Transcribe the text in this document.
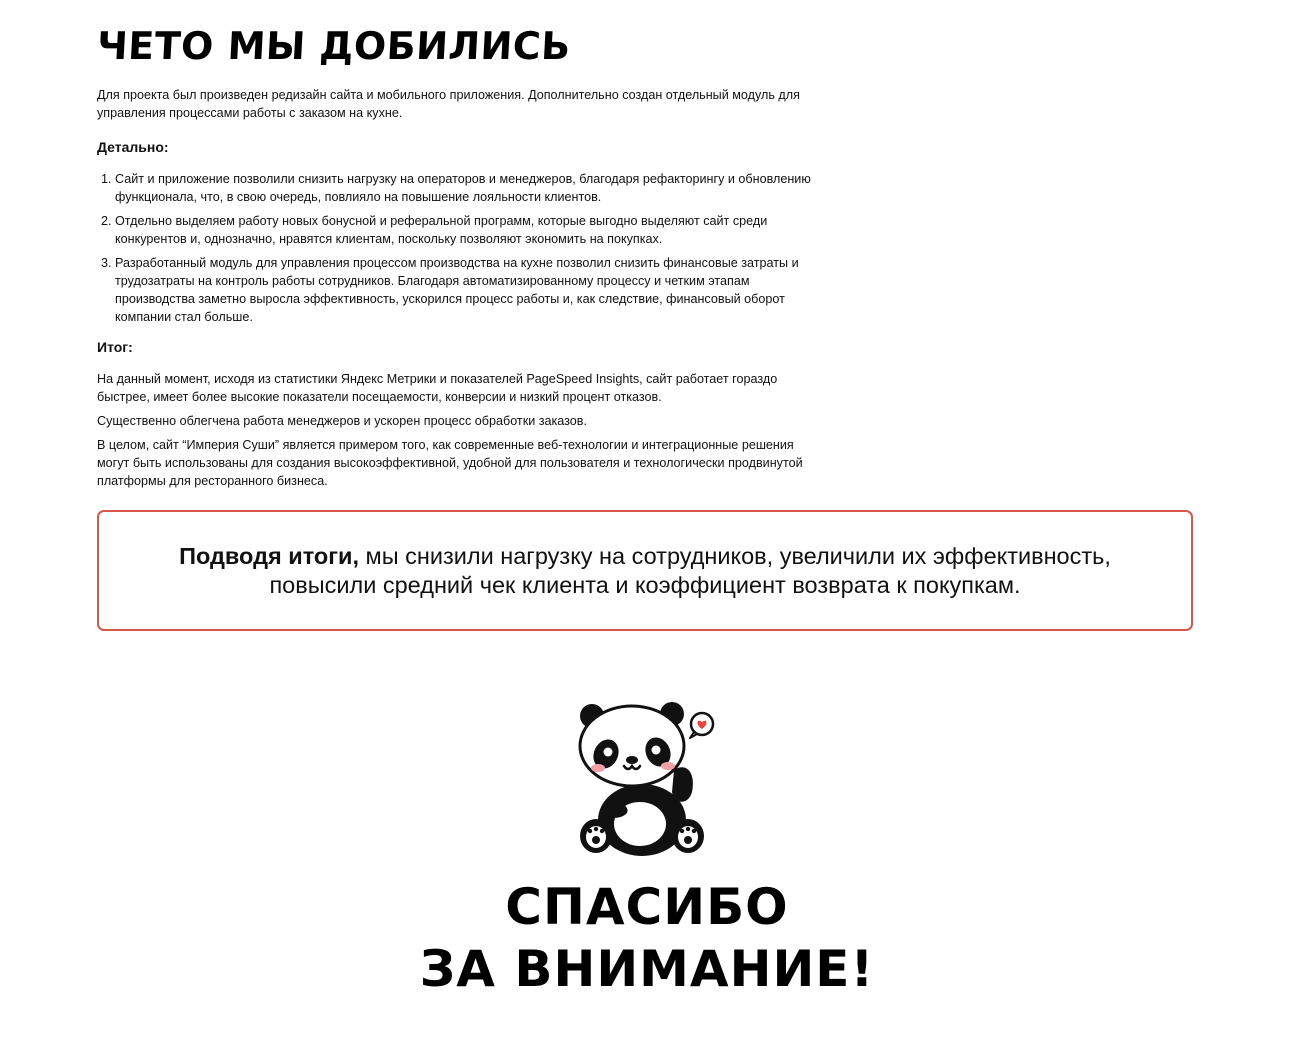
ЧЕТО МЫ ДОБИЛИСЬ

Для проекта был произведен редизайн сайта и мобильного приложения. Дополнительно создан отдельный модуль для управления процессами работы с заказом на кухне.

Детально:

1. Сайт и приложение позволили снизить нагрузку на операторов и менеджеров, благодаря рефакторингу и обновлению функционала, что, в свою очередь, повлияло на повышение лояльности клиентов.
2. Отдельно выделяем работу новых бонусной и реферальной программ, которые выгодно выделяют сайт среди конкурентов и, однозначно, нравятся клиентам, поскольку позволяют экономить на покупках.
3. Разработанный модуль для управления процессом производства на кухне позволил снизить финансовые затраты и трудозатраты на контроль работы сотрудников. Благодаря автоматизированному процессу и четким этапам производства заметно выросла эффективность, ускорился процесс работы и, как следствие, финансовый оборот компании стал больше.

Итог:

На данный момент, исходя из статистики Яндекс Метрики и показателей PageSpeed Insights, сайт работает гораздо быстрее, имеет более высокие показатели посещаемости, конверсии и низкий процент отказов.

Существенно облегчена работа менеджеров и ускорен процесс обработки заказов.

В целом, сайт “Империя Суши” является примером того, как современные веб-технологии и интеграционные решения могут быть использованы для создания высокоэффективной, удобной для пользователя и технологически продвинутой платформы для ресторанного бизнеса.

Подводя итоги, мы снизили нагрузку на сотрудников, увеличили их эффективность,
повысили средний чек клиента и коэффициент возврата к покупкам.

СПАСИБО
ЗА ВНИМАНИЕ!
